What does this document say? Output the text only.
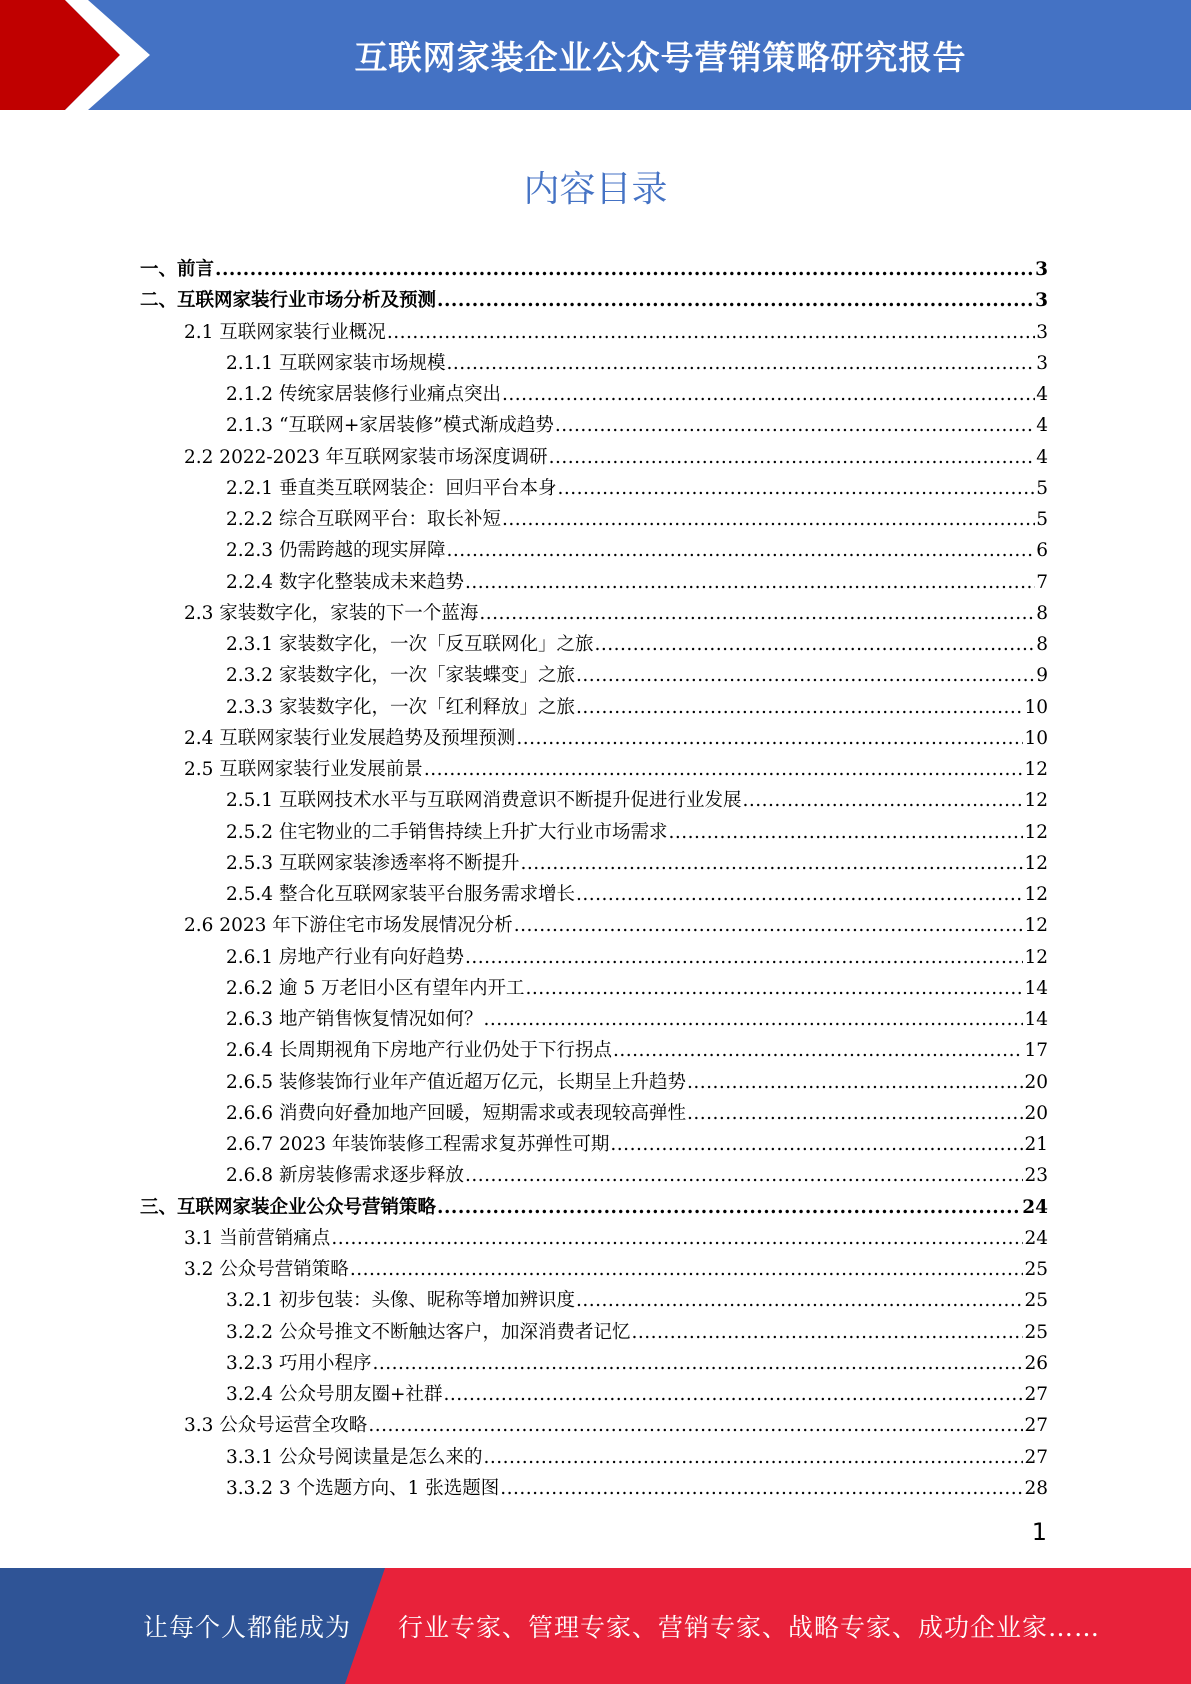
互联网家装企业公众号营销策略研究报告
内容目录
一、前言 .....	3
二、互联网家装行业市场分析及预测 .....	3
2.1 互联网家装行业概况 .....	3
2.1.1 互联网家装市场规模 .....	3
2.1.2 传统家居装修行业痛点突出 .....	4
2.1.3 “互联网+家居装修”模式渐成趋势 .....	4
2.2 2022-2023 年互联网家装市场深度调研 .....	4
2.2.1 垂直类互联网装企：回归平台本身 .....	5
2.2.2 综合互联网平台：取长补短 .....	5
2.2.3 仍需跨越的现实屏障 .....	6
2.2.4 数字化整装成未来趋势 .....	7
2.3 家装数字化，家装的下一个蓝海 .....	8
2.3.1 家装数字化，一次「反互联网化」之旅 .....	8
2.3.2 家装数字化，一次「家装蝶变」之旅 .....	9
2.3.3 家装数字化，一次「红利释放」之旅 .....	10
2.4 互联网家装行业发展趋势及预埋预测 .....	10
2.5 互联网家装行业发展前景 .....	12
2.5.1 互联网技术水平与互联网消费意识不断提升促进行业发展 .....	12
2.5.2 住宅物业的二手销售持续上升扩大行业市场需求 .....	12
2.5.3 互联网家装渗透率将不断提升 .....	12
2.5.4 整合化互联网家装平台服务需求增长 .....	12
2.6 2023 年下游住宅市场发展情况分析 .....	12
2.6.1 房地产行业有向好趋势 .....	12
2.6.2 逾 5 万老旧小区有望年内开工 .....	14
2.6.3 地产销售恢复情况如何？ .....	14
2.6.4 长周期视角下房地产行业仍处于下行拐点 .....	17
2.6.5 装修装饰行业年产值近超万亿元，长期呈上升趋势 .....	20
2.6.6 消费向好叠加地产回暖，短期需求或表现较高弹性 .....	20
2.6.7 2023 年装饰装修工程需求复苏弹性可期 .....	21
2.6.8 新房装修需求逐步释放 .....	23
三、互联网家装企业公众号营销策略 .....	24
3.1 当前营销痛点 .....	24
3.2 公众号营销策略 .....	25
3.2.1 初步包装：头像、昵称等增加辨识度 .....	25
3.2.2 公众号推文不断触达客户，加深消费者记忆 .....	25
3.2.3 巧用小程序 .....	26
3.2.4 公众号朋友圈+社群 .....	27
3.3 公众号运营全攻略 .....	27
3.3.1 公众号阅读量是怎么来的 .....	27
3.3.2 3 个选题方向、1 张选题图 .....	28
1
让每个人都能成为 行业专家、管理专家、营销专家、战略专家、成功企业家……
